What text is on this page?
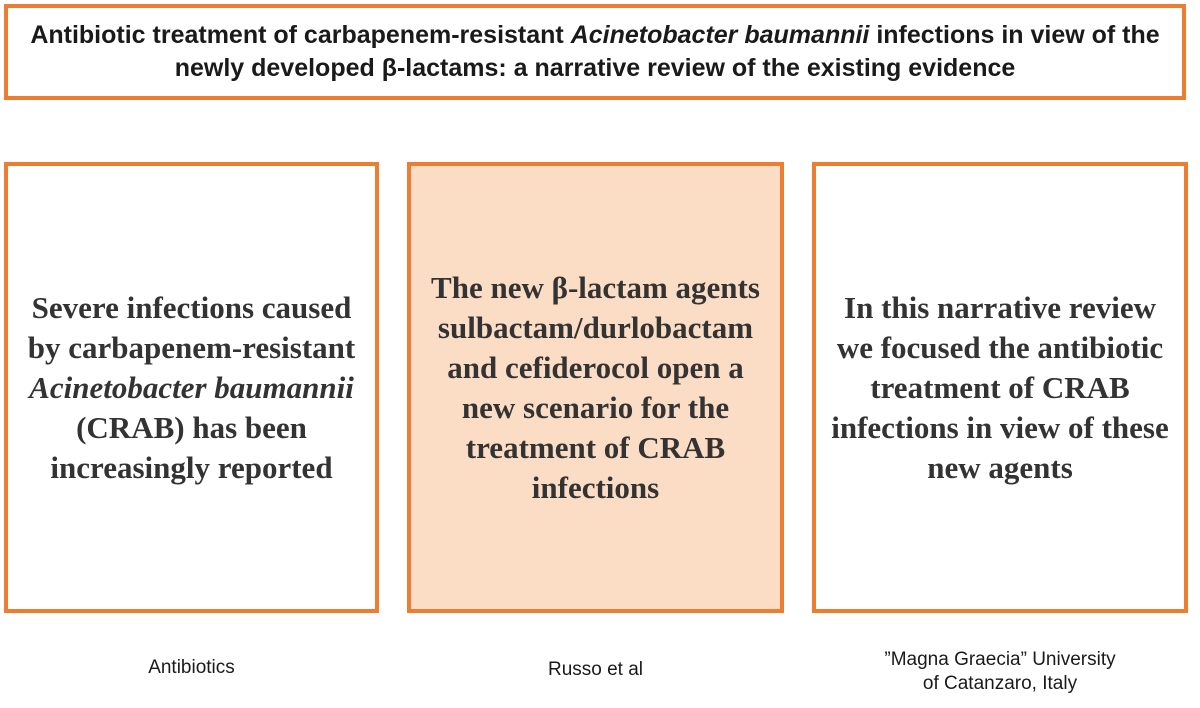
Antibiotic treatment of carbapenem-resistant Acinetobacter baumannii infections in view of the newly developed β-lactams: a narrative review of the existing evidence

Severe infections caused by carbapenem-resistant Acinetobacter baumannii (CRAB) has been increasingly reported

The new β-lactam agents sulbactam/durlobactam and cefiderocol open a new scenario for the treatment of CRAB infections

In this narrative review we focused the antibiotic treatment of CRAB infections in view of these new agents

Antibiotics	Russo et al	”Magna Graecia” University
of Catanzaro, Italy
